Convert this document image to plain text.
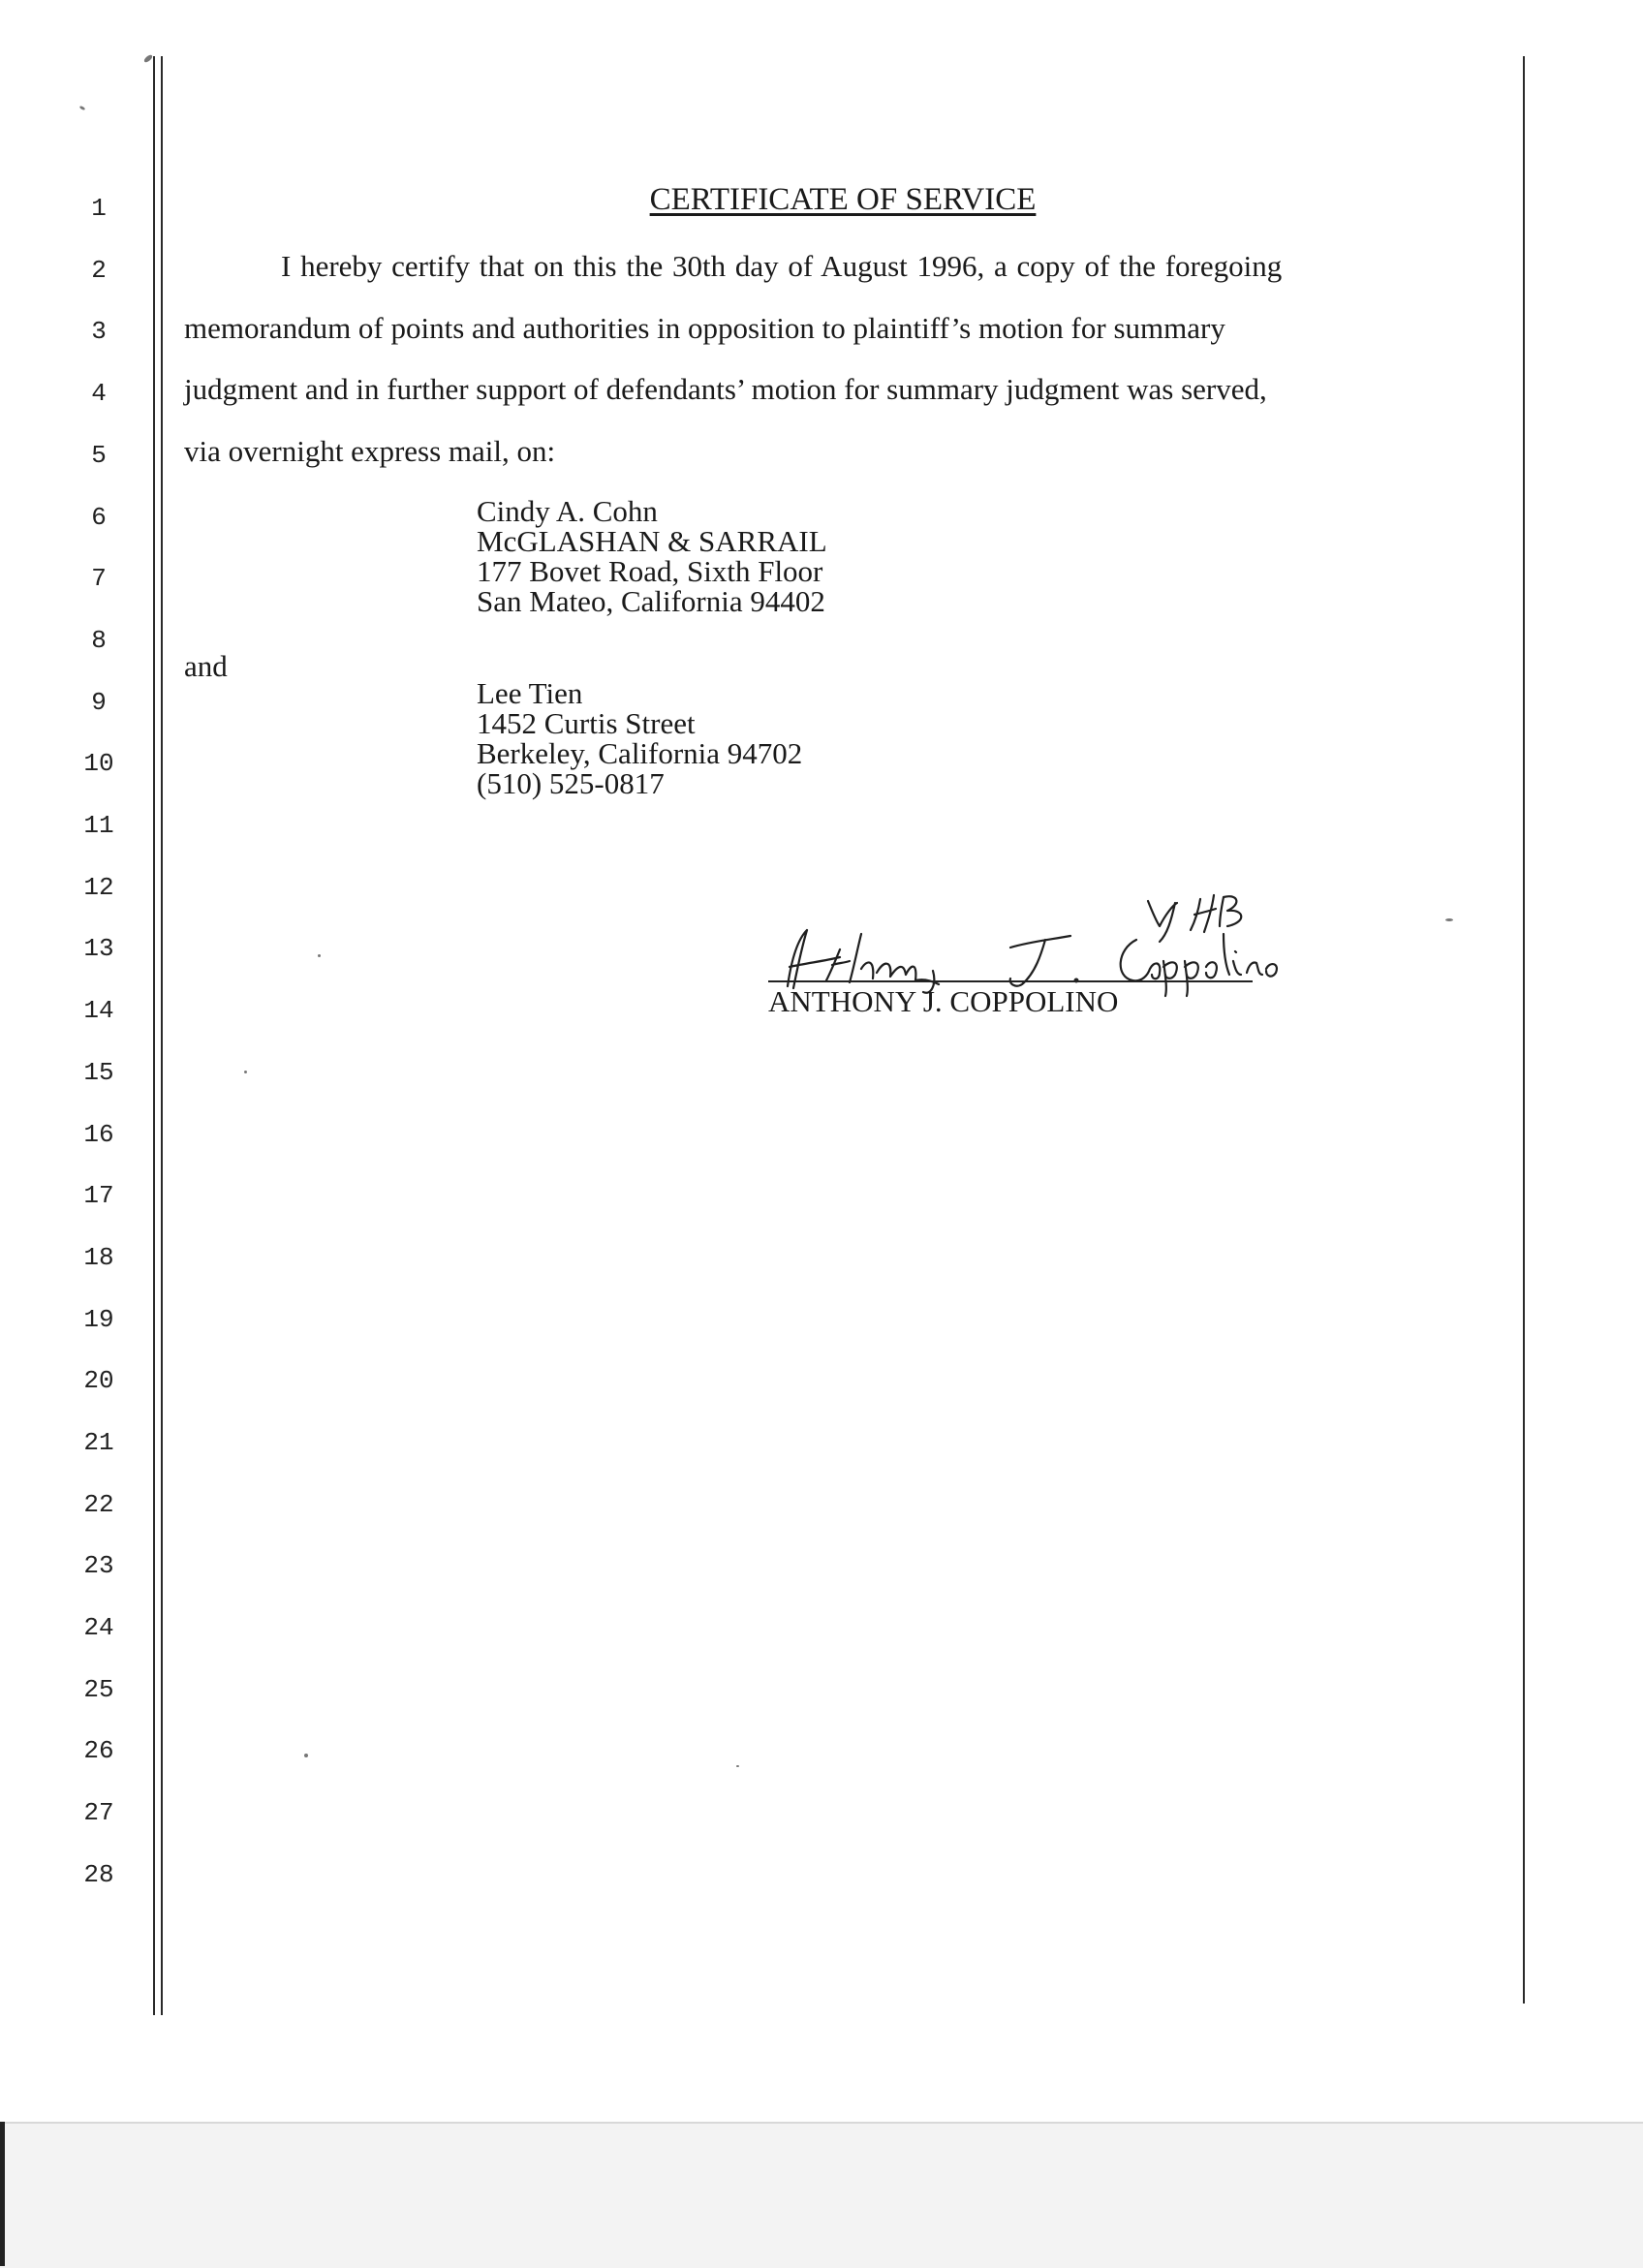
1
2
3
4
5
6
7
8
9
10
11
12
13
14
15
16
17
18
19
20
21
22
23
24
25
26
27
28
CERTIFICATE OF SERVICE
I hereby certify that on this the 30th day of August 1996, a copy of the foregoing
memorandum of points and authorities in opposition to plaintiff’s motion for summary
judgment and in further support of defendants’ motion for summary judgment was served,
via overnight express mail, on:
Cindy A. Cohn
McGLASHAN & SARRAIL
177 Bovet Road, Sixth Floor
San Mateo, California 94402
and
Lee Tien
1452 Curtis Street
Berkeley, California 94702
(510) 525-0817
ANTHONY J. COPPOLINO
